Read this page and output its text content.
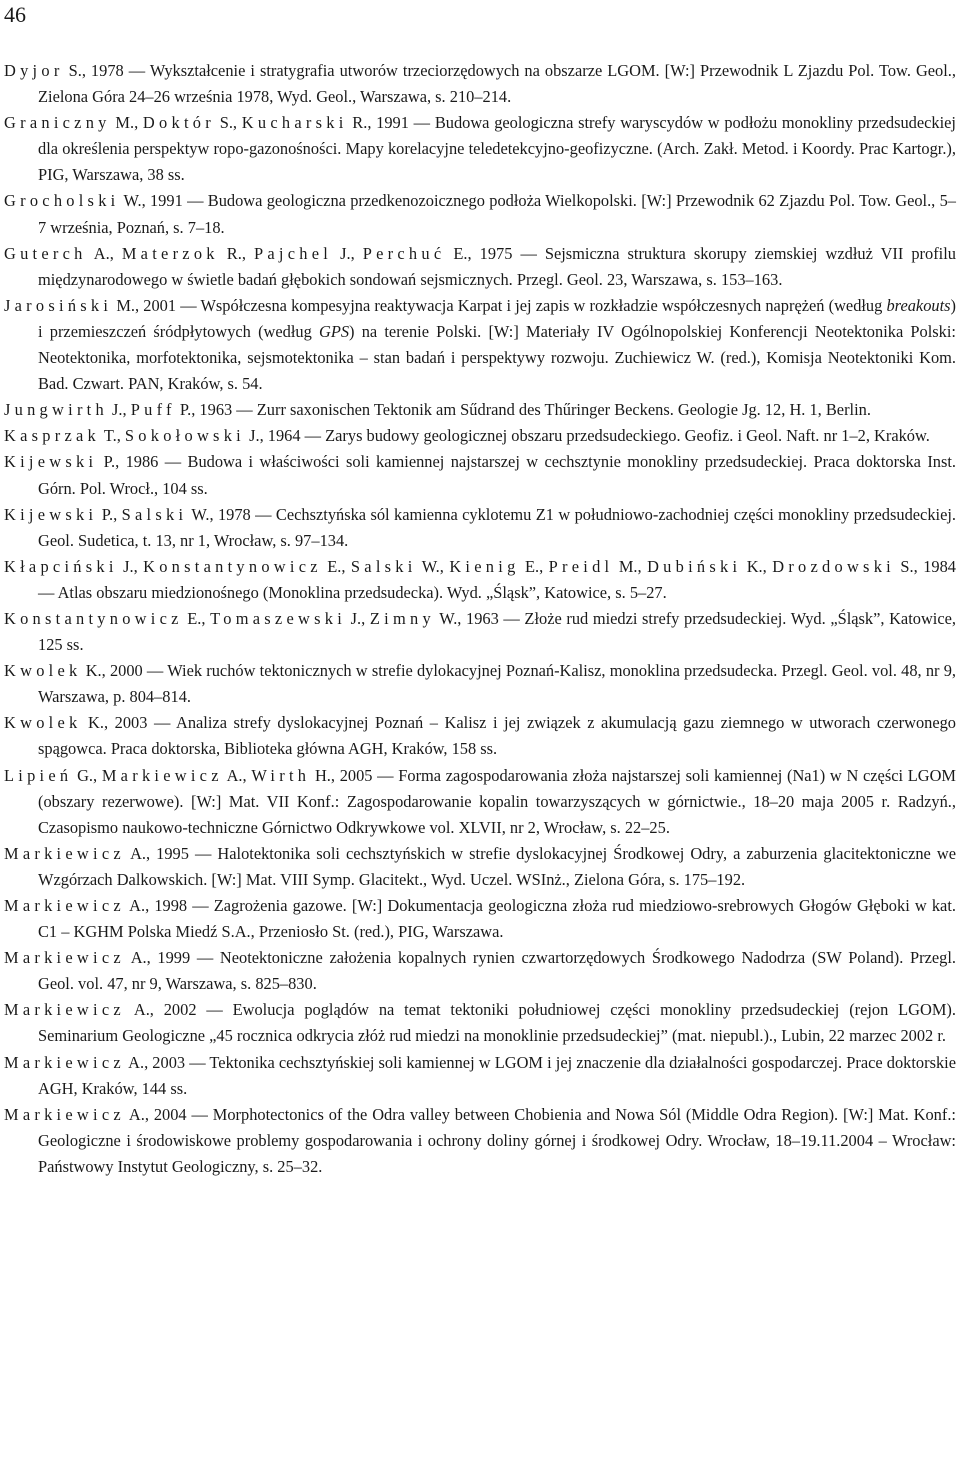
46
Dyjor S., 1978 — Wykształcenie i stratygrafia utworów trzeciorzędowych na obszarze LGOM. [W:] Przewodnik L Zjazdu Pol. Tow. Geol., Zielona Góra 24–26 września 1978, Wyd. Geol., Warszawa, s. 210–214.
Graniczny M., Doktór S., Kucharski R., 1991 — Budowa geologiczna strefy waryscydów w podłożu monokliny przedsudeckiej dla określenia perspektyw ropo-gazonośności. Mapy korelacyjne teledetekcyjno-geofizyczne. (Arch. Zakł. Metod. i Koordy. Prac Kartogr.), PIG, Warszawa, 38 ss.
Grocholski W., 1991 — Budowa geologiczna przedkenozoicznego podłoża Wielkopolski. [W:] Przewodnik 62 Zjazdu Pol. Tow. Geol., 5–7 września, Poznań, s. 7–18.
Guterch A., Materzok R., Pajchel J., Perchuć E., 1975 — Sejsmiczna struktura skorupy ziemskiej wzdłuż VII profilu międzynarodowego w świetle badań głębokich sondowań sejsmicznych. Przegl. Geol. 23, Warszawa, s. 153–163.
Jarosiński M., 2001 — Współczesna kompesyjna reaktywacja Karpat i jej zapis w rozkładzie współczesnych naprężeń (według breakouts) i przemieszczeń śródpłytowych (według GPS) na terenie Polski. [W:] Materiały IV Ogólnopolskiej Konferencji Neotektonika Polski: Neotektonika, morfotektonika, sejsmotektonika – stan badań i perspektywy rozwoju. Zuchiewicz W. (red.), Komisja Neotektoniki Kom. Bad. Czwart. PAN, Kraków, s. 54.
Jungwirth J., Puff P., 1963 — Zurr saxonischen Tektonik am Sűdrand des Thűringer Beckens. Geologie Jg. 12, H. 1, Berlin.
Kasprzak T., Sokołowski J., 1964 — Zarys budowy geologicznej obszaru przedsudeckiego. Geofiz. i Geol. Naft. nr 1–2, Kraków.
Kijewski P., 1986 — Budowa i właściwości soli kamiennej najstarszej w cechsztynie monokliny przedsudeckiej. Praca doktorska Inst. Górn. Pol. Wrocł., 104 ss.
Kijewski P., Salski W., 1978 — Cechsztyńska sól kamienna cyklotemu Z1 w południowo-zachodniej części monokliny przedsudeckiej. Geol. Sudetica, t. 13, nr 1, Wrocław, s. 97–134.
Kłapciński J., Konstantynowicz E., Salski W., Kienig E., Preidl M., Dubiński K., Drozdowski S., 1984 — Atlas obszaru miedzionośnego (Monoklina przedsudecka). Wyd. „Śląsk”, Katowice, s. 5–27.
Konstantynowicz E., Tomaszewski J., Zimny W., 1963 — Złoże rud miedzi strefy przedsudeckiej. Wyd. „Śląsk”, Katowice, 125 ss.
Kwolek K., 2000 — Wiek ruchów tektonicznych w strefie dylokacyjnej Poznań-Kalisz, monoklina przedsudecka. Przegl. Geol. vol. 48, nr 9, Warszawa, p. 804–814.
Kwolek K., 2003 — Analiza strefy dyslokacyjnej Poznań – Kalisz i jej związek z akumulacją gazu ziemnego w utworach czerwonego spągowca. Praca doktorska, Biblioteka główna AGH, Kraków, 158 ss.
Lipień G., Markiewicz A., Wirth H., 2005 — Forma zagospodarowania złoża najstarszej soli kamiennej (Na1) w N części LGOM (obszary rezerwowe). [W:] Mat. VII Konf.: Zagospodarowanie kopalin towarzyszących w górnictwie., 18–20 maja 2005 r. Radzyń., Czasopismo naukowo-techniczne Górnictwo Odkrywkowe vol. XLVII, nr 2, Wrocław, s. 22–25.
Markiewicz A., 1995 — Halotektonika soli cechsztyńskich w strefie dyslokacyjnej Środkowej Odry, a zaburzenia glacitektoniczne we Wzgórzach Dalkowskich. [W:] Mat. VIII Symp. Glacitekt., Wyd. Uczel. WSInż., Zielona Góra, s. 175–192.
Markiewicz A., 1998 — Zagrożenia gazowe. [W:] Dokumentacja geologiczna złoża rud miedziowo-srebrowych Głogów Głęboki w kat. C1 – KGHM Polska Miedź S.A., Przeniosło St. (red.), PIG, Warszawa.
Markiewicz A., 1999 — Neotektoniczne założenia kopalnych rynien czwartorzędowych Środkowego Nadodrza (SW Poland). Przegl. Geol. vol. 47, nr 9, Warszawa, s. 825–830.
Markiewicz A., 2002 — Ewolucja poglądów na temat tektoniki południowej części monokliny przedsudeckiej (rejon LGOM). Seminarium Geologiczne „45 rocznica odkrycia złóż rud miedzi na monoklinie przedsudeckiej” (mat. niepubl.)., Lubin, 22 marzec 2002 r.
Markiewicz A., 2003 — Tektonika cechsztyńskiej soli kamiennej w LGOM i jej znaczenie dla działalności gospodarczej. Prace doktorskie AGH, Kraków, 144 ss.
Markiewicz A., 2004 — Morphotectonics of the Odra valley between Chobienia and Nowa Sól (Middle Odra Region). [W:] Mat. Konf.: Geologiczne i środowiskowe problemy gospodarowania i ochrony doliny górnej i środkowej Odry. Wrocław, 18–19.11.2004 – Wrocław: Państwowy Instytut Geologiczny, s. 25–32.
